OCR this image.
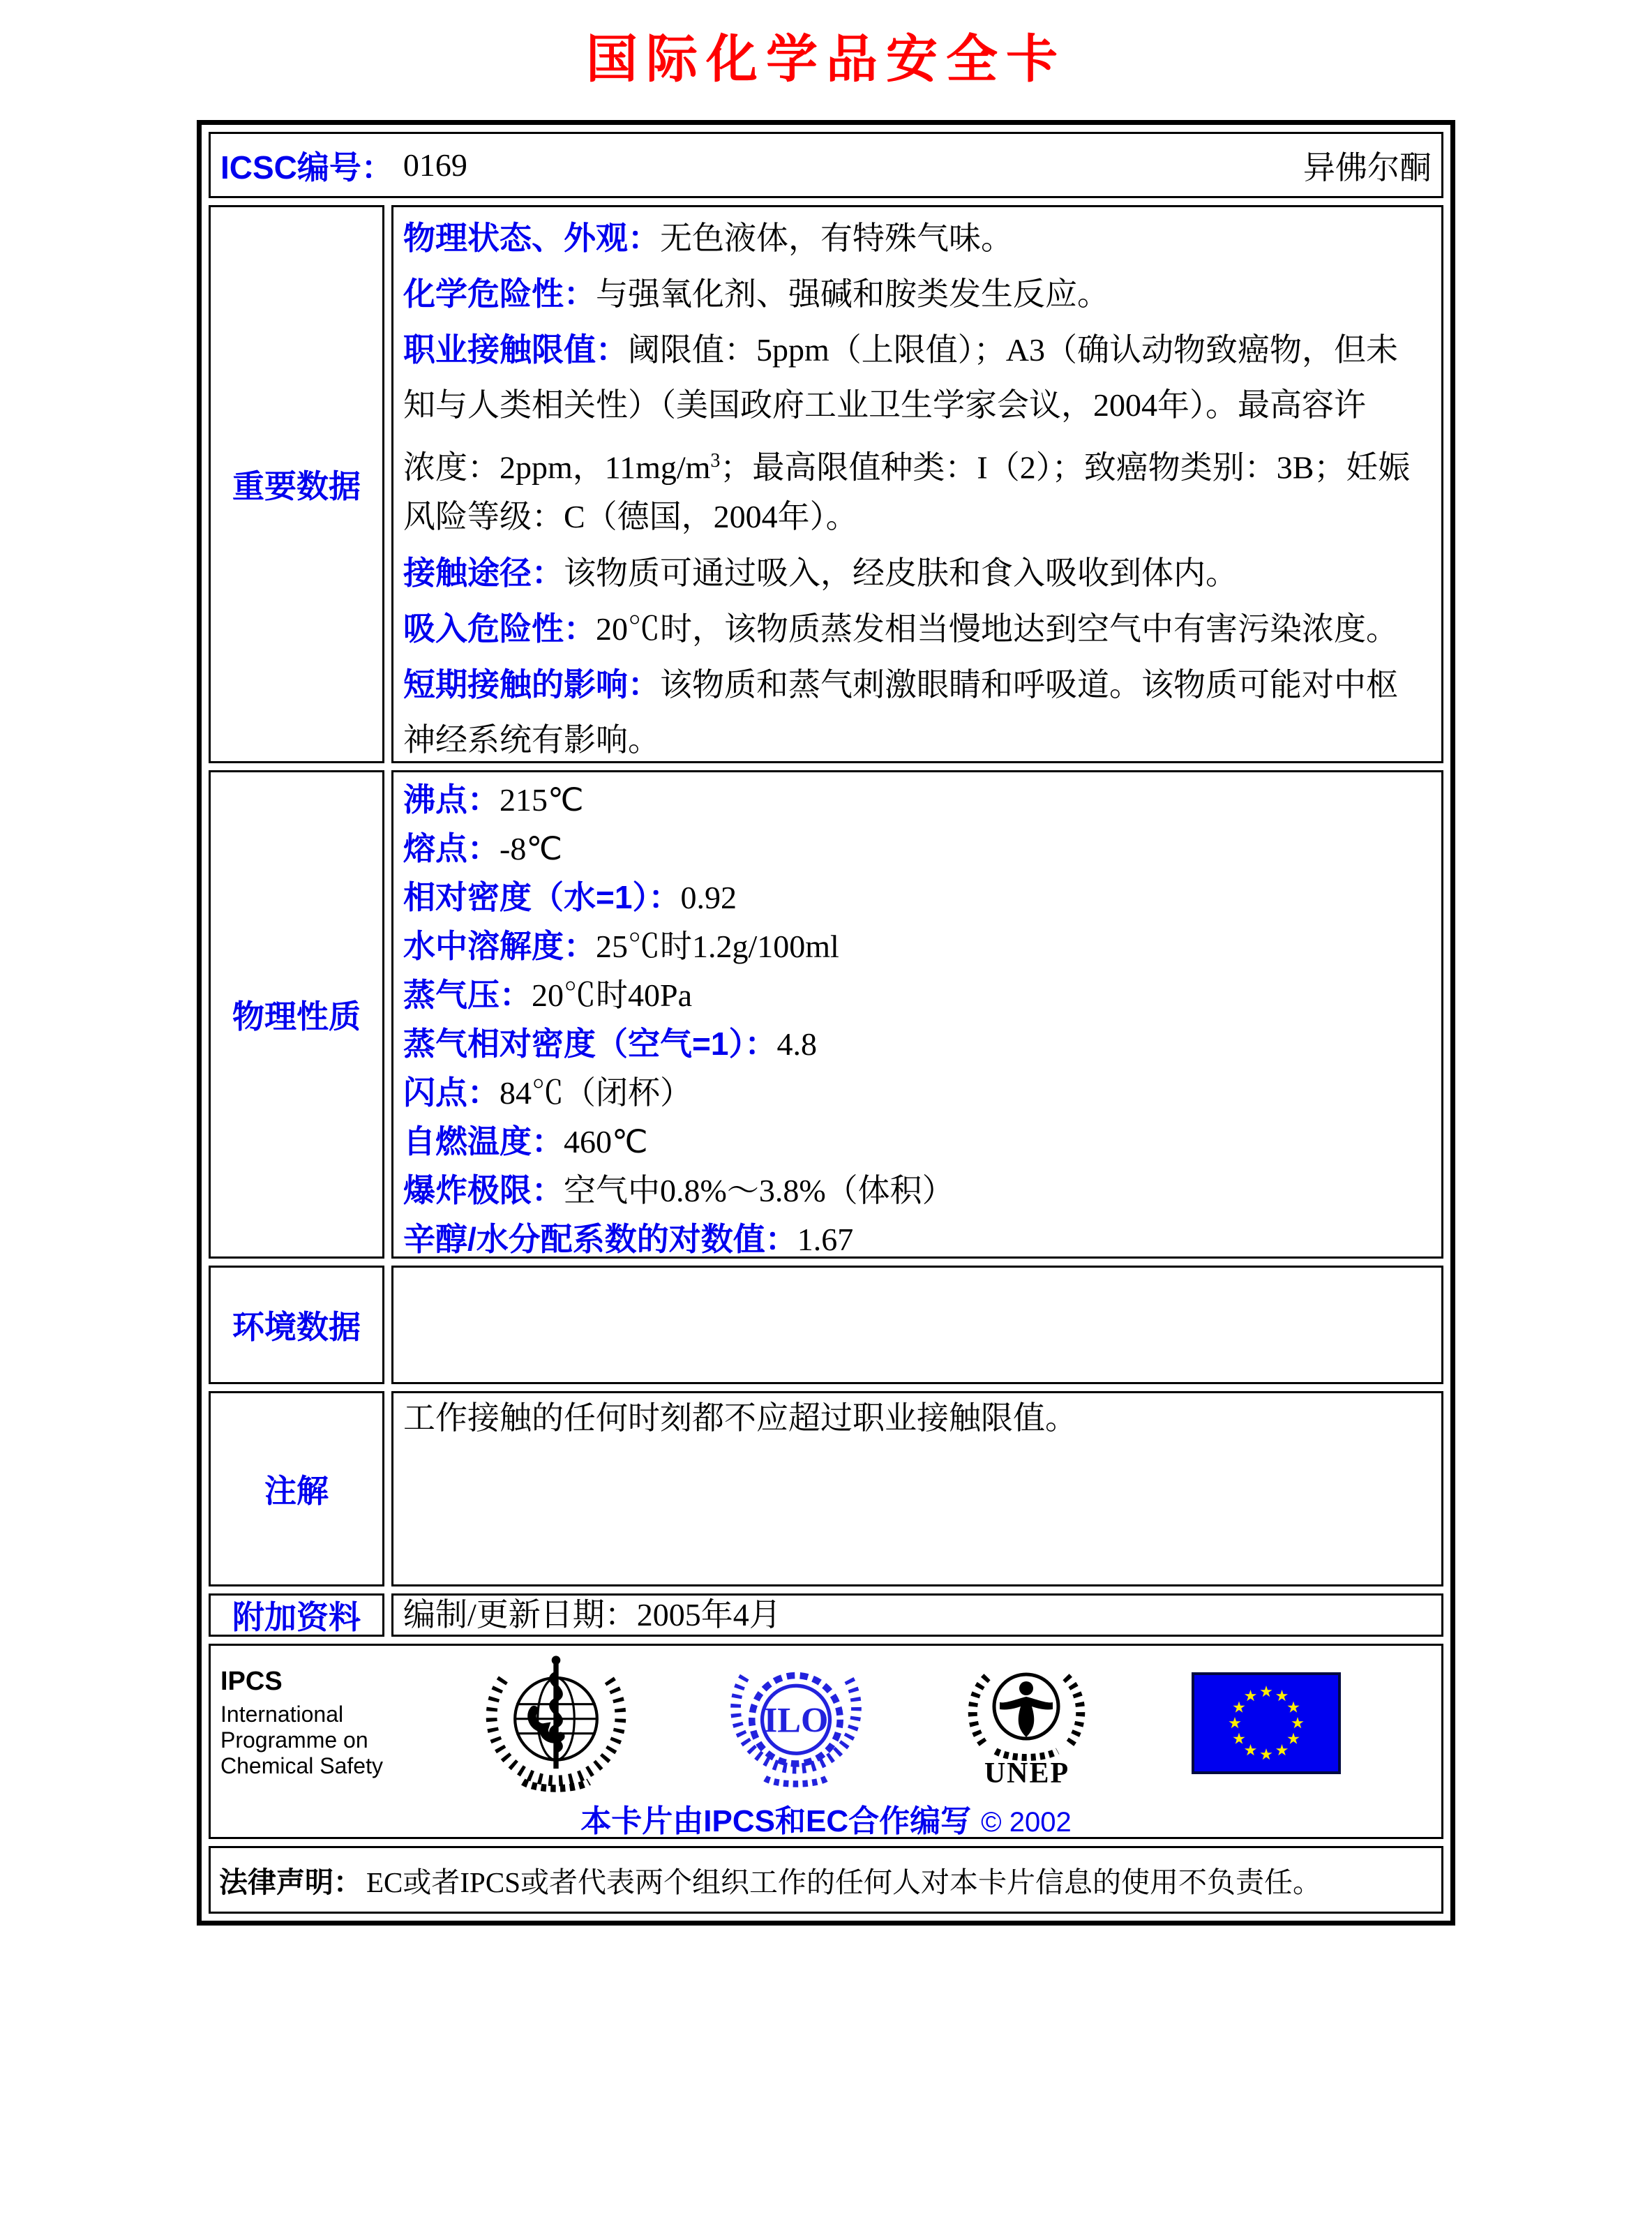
国际化学品安全卡
ICSC编号： 0169	异佛尔酮
重要数据
物理状态、外观：无色液体，有特殊气味。
化学危险性：与强氧化剂、强碱和胺类发生反应。
职业接触限值：阈限值：5ppm（上限值）；A3（确认动物致癌物，但未
知与人类相关性）（美国政府工业卫生学家会议，2004年）。最高容许
浓度：2ppm，$11mg/m^3$；最高限值种类：I（2）；致癌物类别：3B；妊娠
风险等级：C（德国，2004年）。
接触途径：该物质可通过吸入，经皮肤和食入吸收到体内。
吸入危险性：20℃时，该物质蒸发相当慢地达到空气中有害污染浓度。
短期接触的影响：该物质和蒸气刺激眼睛和呼吸道。该物质可能对中枢
神经系统有影响。
物理性质
沸点：215℃
熔点：-8℃
相对密度（水=1）：0.92
水中溶解度：25℃时1.2g/100ml
蒸气压：20℃时40Pa
蒸气相对密度（空气=1）：4.8
闪点：84℃（闭杯）
自燃温度：460℃
爆炸极限：空气中0.8%～3.8%（体积）
辛醇/水分配系数的对数值：1.67
环境数据
注解
工作接触的任何时刻都不应超过职业接触限值。
附加资料 编制/更新日期：2005年4月
IPCS
International
Programme on
Chemical Safety
ILO
UNEP
本卡片由IPCS和EC合作编写 © 2002
法律声明： EC或者IPCS或者代表两个组织工作的任何人对本卡片信息的使用不负责任。
